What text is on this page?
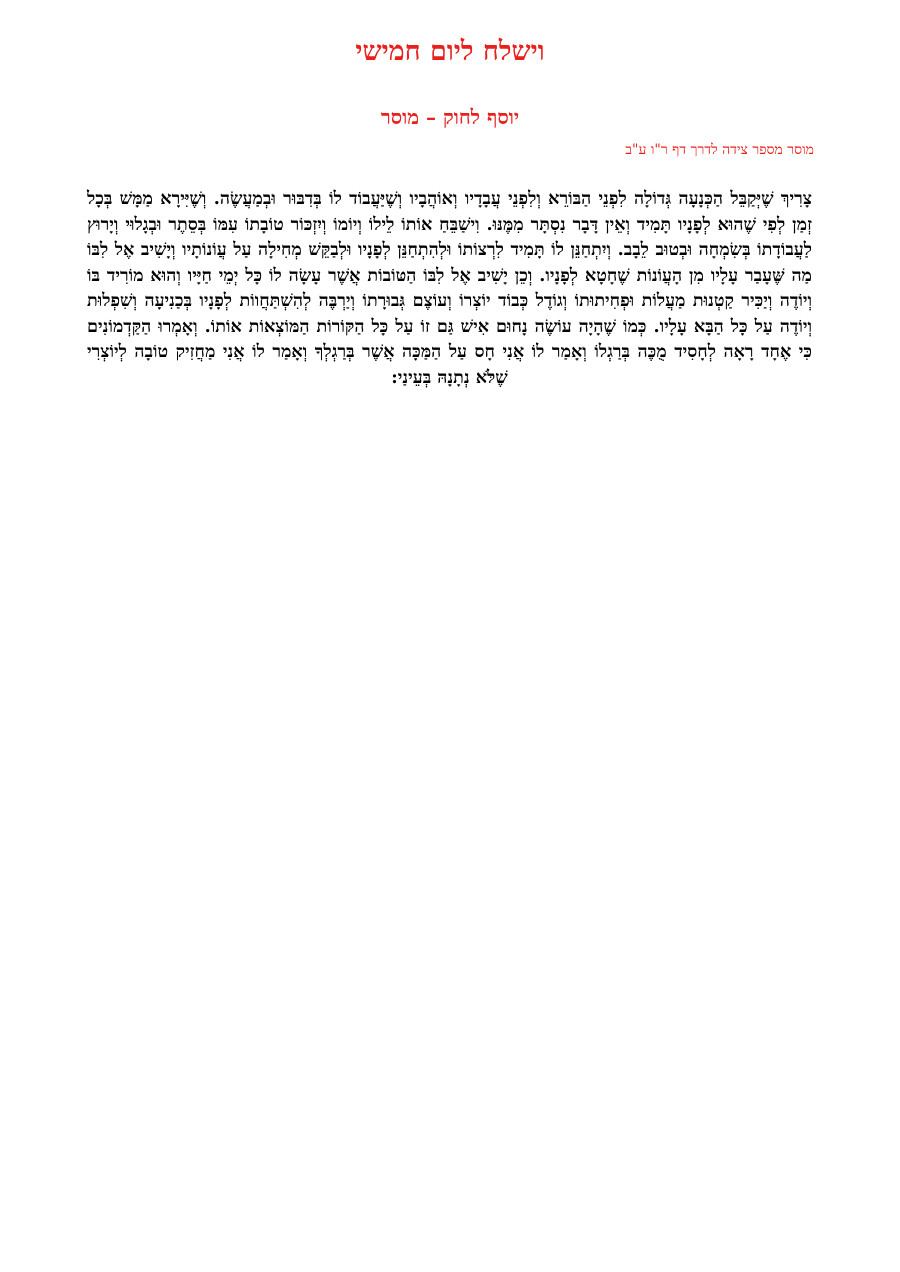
וישלח ליום חמישי
יוסף לחוק – מוסר

מוסר מספר צידה לדרך דף ר"ו ע"ב

צָרִיךְ שֶׁיְּקַבֵּל הַכְּנָעָה גְּדוֹלָה לִפְנֵי הַבּוֹרֵא וְלִפְנֵי עֲבָדָיו וְאוֹהֲבָיו וְשֶׁיַּעֲבוֹד לוֹ בְּדִבּוּר וּבְמַעֲשֶׂה. וְשֶׁיִּירָא מַמָּשׁ בְּכָל זְמַן לְפִי שֶׁהוּא לְפָנָיו תָּמִיד וְאֵין דָּבָר נִסְתָּר מִמֶּנּוּ. וִישַׁבֵּחַ אוֹתוֹ לֵילוֹ וְיוֹמוֹ וְיִזְכּוֹר טוֹבָתוֹ עִמּוֹ בְּסֵתֶר וּבְגָלוּי וְיָרוּץ לַעֲבוֹדָתוֹ בְּשִׂמְחָה וּבְטוּב לֵבָב. וְיִתְחַנֵּן לוֹ תָּמִיד לִרְצוֹתוֹ וּלְהִתְחַנֵּן לְפָנָיו וּלְבַקֵּשׁ מְחִילָה עַל עֲוֹנוֹתָיו וְיָשִׁיב אֶל לִבּוֹ מַה שֶּׁעָבַר עָלָיו מִן הָעֲוֹנוֹת שֶׁחָטָא לְפָנָיו. וְכֵן יָשִׁיב אֶל לִבּוֹ הַטּוֹבוֹת אֲשֶׁר עָשָׂה לוֹ כָּל יְמֵי חַיָּיו וְהוּא מוֹרִיד בּוֹ וְיוֹדֶה וְיַכִּיר קַטְנוּת מַעֲלוֹת וּפְחִיתוּתוֹ וְגוֹדֶל כְּבוֹד יוֹצְרוֹ וְעוֹצֶם גְּבוּרָתוֹ וְיַרְבֶּה לְהִשְׁתַּחֲווֹת לְפָנָיו בְּכַנִיעָה וְשִׁפְלוּת וְיוֹדֶה עַל כָּל הַבָּא עָלָיו. כְּמוֹ שֶׁהָיָה עוֹשֶׂה נָחוּם אִישׁ גַּם זוֹ עַל כָּל הַקּוֹרוֹת הַמּוֹצְאוֹת אוֹתוֹ. וְאָמְרוּ הַקַּדְמוֹנִים כִּי אֶחָד רָאָה לְחָסִיד מֻכֶּה בְּרַגְלוֹ וְאָמַר לוֹ אֲנִי חָס עַל הַמַּכָּה אֲשֶׁר בְּרַגְלְךָ וְאָמַר לוֹ אֲנִי מַחֲזִיק טוֹבָה לְיוֹצְרִי שֶׁלֹּא נְתָנָהּ בְּעֵינַי:
